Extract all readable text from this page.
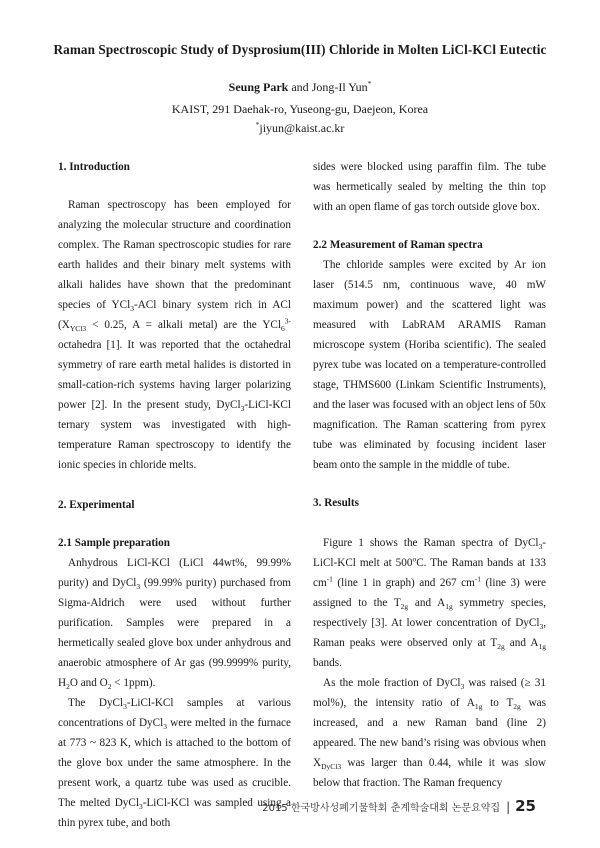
Raman Spectroscopic Study of Dysprosium(III) Chloride in Molten LiCl-KCl Eutectic
Seung Park and Jong-Il Yun*
KAIST, 291 Daehak-ro, Yuseong-gu, Daejeon, Korea
*jiyun@kaist.ac.kr

1. Introduction

Raman spectroscopy has been employed for analyzing the molecular structure and coordination complex. The Raman spectroscopic studies for rare earth halides and their binary melt systems with alkali halides have shown that the predominant species of YCl$_3$-ACl binary system rich in ACl ($X_{YCl3} < 0.25$, A = alkali metal) are the YCl$_6^{3-}$ octahedra [1]. It was reported that the octahedral symmetry of rare earth metal halides is distorted in small-cation-rich systems having larger polarizing power [2]. In the present study, DyCl$_3$-LiCl-KCl ternary system was investigated with high-temperature Raman spectroscopy to identify the ionic species in chloride melts.

2. Experimental

2.1 Sample preparation

Anhydrous LiCl-KCl (LiCl 44wt%, 99.99% purity) and DyCl$_3$ (99.99% purity) purchased from Sigma-Aldrich were used without further purification. Samples were prepared in a hermetically sealed glove box under anhydrous and anaerobic atmosphere of Ar gas (99.9999% purity, $H_2O$ and $O_2 < 1ppm$).

The DyCl$_3$-LiCl-KCl samples at various concentrations of DyCl$_3$ were melted in the furnace at 773 ~ 823 K, which is attached to the bottom of the glove box under the same atmosphere. In the present work, a quartz tube was used as crucible. The melted DyCl$_3$-LiCl-KCl was sampled using a thin pyrex tube, and both

sides were blocked using paraffin film. The tube was hermetically sealed by melting the thin top with an open flame of gas torch outside glove box.

2.2 Measurement of Raman spectra

The chloride samples were excited by Ar ion laser (514.5 nm, continuous wave, 40 mW maximum power) and the scattered light was measured with LabRAM ARAMIS Raman microscope system (Horiba scientific). The sealed pyrex tube was located on a temperature-controlled stage, THMS600 (Linkam Scientific Instruments), and the laser was focused with an object lens of 50x magnification. The Raman scattering from pyrex tube was eliminated by focusing incident laser beam onto the sample in the middle of tube.

3. Results

Figure 1 shows the Raman spectra of DyCl$_3$-LiCl-KCl melt at 500$^o$C. The Raman bands at 133 $cm^{-1}$ (line 1 in graph) and 267 $cm^{-1}$ (line 3) were assigned to the $T_{2g}$ and $A_{1g}$ symmetry species, respectively [3]. At lower concentration of DyCl$_3$, Raman peaks were observed only at $T_{2g}$ and $A_{1g}$ bands.

As the mole fraction of DyCl$_3$ was raised (≥ 31 mol%), the intensity ratio of $A_{1g}$ to $T_{2g}$ was increased, and a new Raman band (line 2) appeared. The new band’s rising was obvious when $X_{DyCl3}$ was larger than 0.44, while it was slow below that fraction. The Raman frequency

2015 한국방사성폐기물학회 춘계학술대회 논문요약집 | 25
